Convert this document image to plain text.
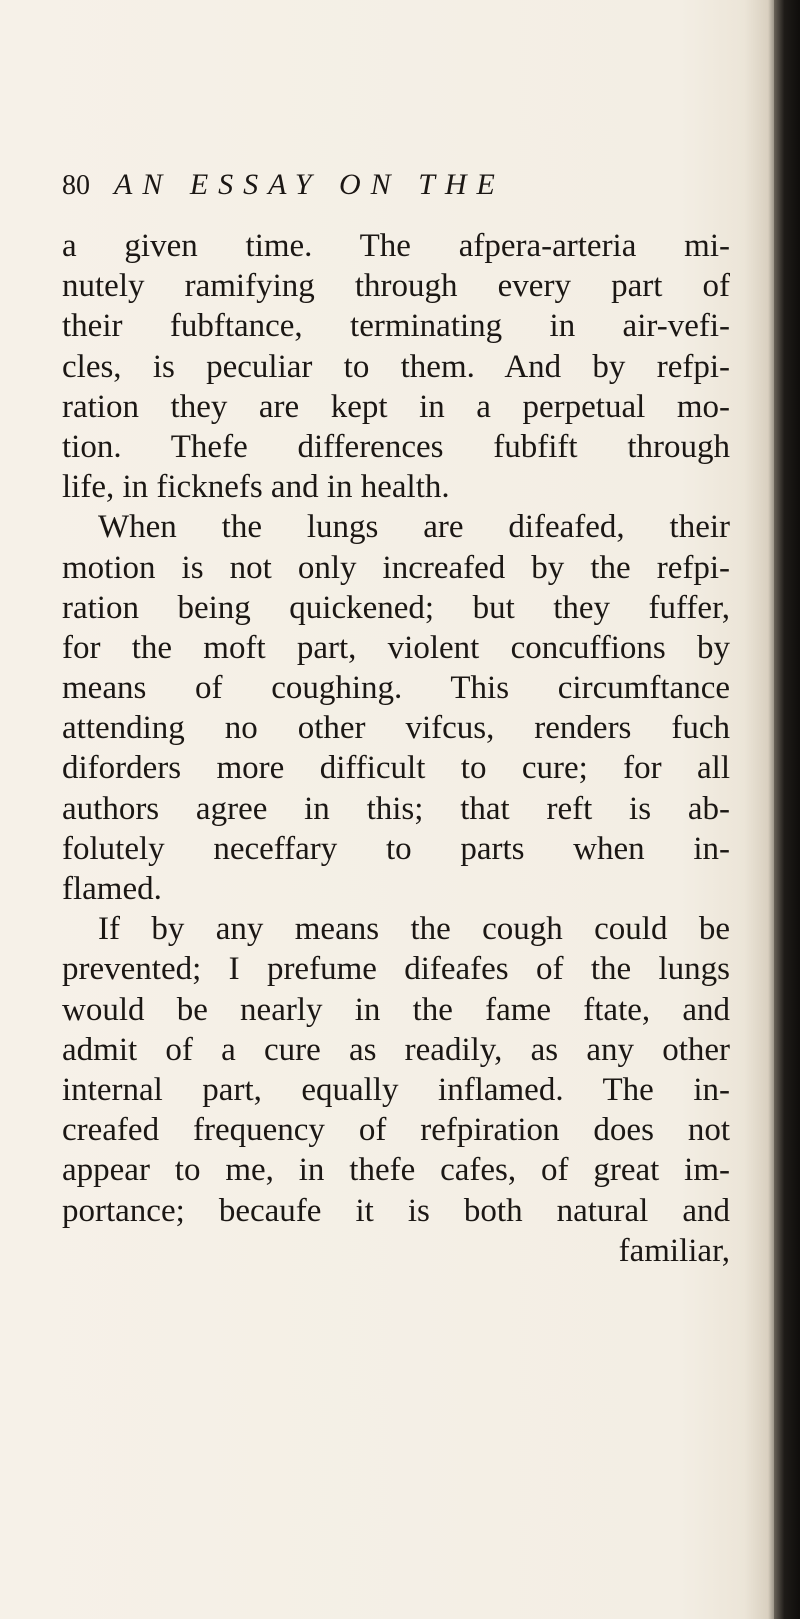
80 AN ESSAY ON THE
a given time. The afpera-arteria mi-
nutely ramifying through every part of
their fubftance, terminating in air-vefi-
cles, is peculiar to them. And by refpi-
ration they are kept in a perpetual mo-
tion. Thefe differences fubfift through
life, in ficknefs and in health.
When the lungs are difeafed, their
motion is not only increafed by the refpi-
ration being quickened; but they fuffer,
for the moft part, violent concuffions by
means of coughing. This circumftance
attending no other vifcus, renders fuch
diforders more difficult to cure; for all
authors agree in this; that reft is ab-
folutely neceffary to parts when in-
flamed.
If by any means the cough could be
prevented; I prefume difeafes of the lungs
would be nearly in the fame ftate, and
admit of a cure as readily, as any other
internal part, equally inflamed. The in-
creafed frequency of refpiration does not
appear to me, in thefe cafes, of great im-
portance; becaufe it is both natural and
familiar,
